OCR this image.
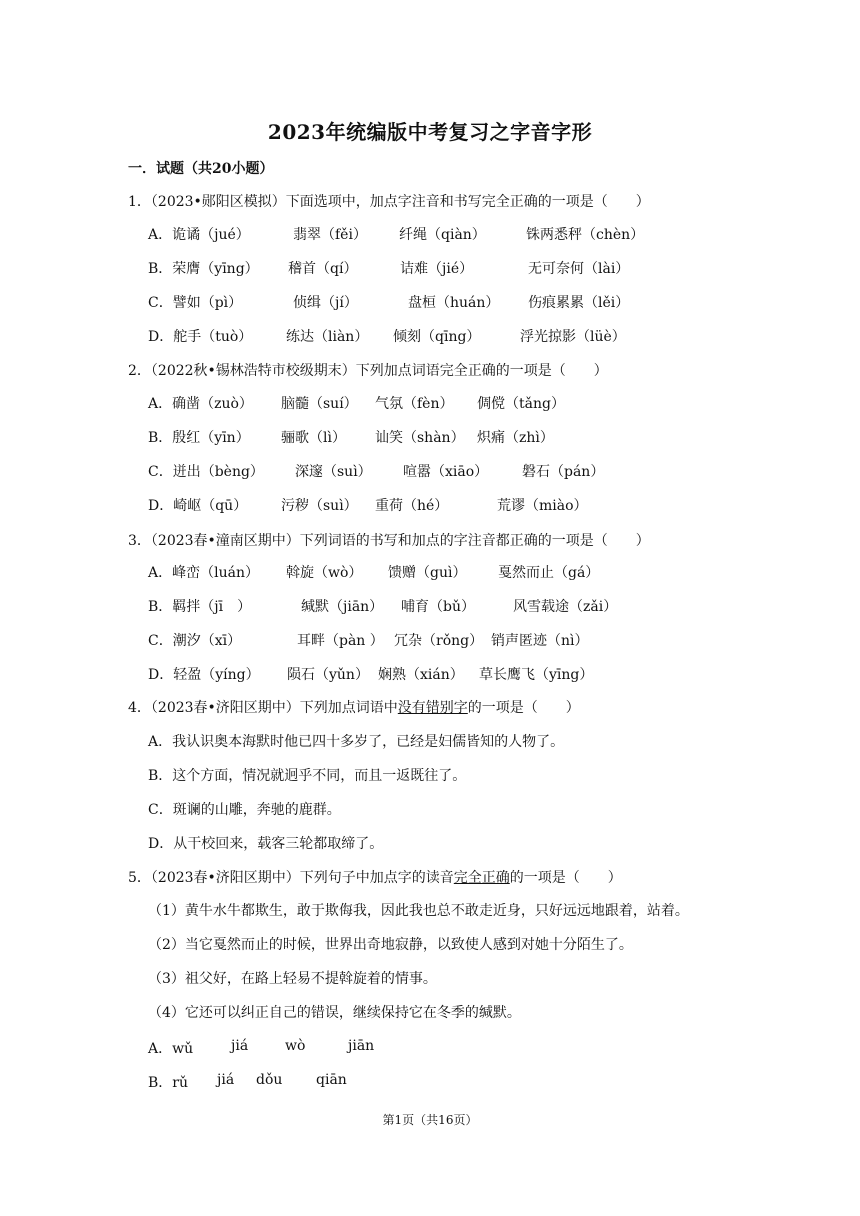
2023年统编版中考复习之字音字形
一．试题（共20小题）
1．（2023•郧阳区模拟）下面选项中，加点字注音和书写完全正确的一项是（　　）
A．诡谲（jué）	翡翠（fěi） 纤绳（qiàn）	铢两悉秤（chèn）
B．荣膺（yīng） 稽首（qí）	诘难（jié）	无可奈何（lài）
C．譬如（pì）	侦缉（jí）	盘桓（huán） 伤痕累累（lěi）
D．舵手（tuò） 练达（liàn） 倾刻（qīng）	浮光掠影（lüè）
2．（2022秋•锡林浩特市校级期末）下列加点词语完全正确的一项是（　　）
A．确凿（zuò） 脑髓（suí） 气氛（fèn） 倜傥（tǎng）
B．殷红（yīn） 骊歌（lì） 讪笑（shàn） 炽痛（zhì）
C．迸出（bèng） 深邃（suì） 喧嚣（xiāo） 磐石（pán）
D．崎岖（qū） 污秽（suì） 重荷（hé）	荒谬（miào）
3．（2023春•潼南区期中）下列词语的书写和加点的字注音都正确的一项是（　　）
A．峰峦（luán） 斡旋（wò） 馈赠（guì） 戛然而止（gá）
B．羁拌（jī　）	缄默（jiān） 哺育（bǔ）	风雪载途（zǎi）
C．潮汐（xī）	耳畔（pàn ） 冗杂（rǒng） 销声匿迹（nì）
D．轻盈（yíng） 陨石（yǔn） 娴熟（xián） 草长鹰飞（yīng）
4．（2023春•济阳区期中）下列加点词语中没有错别字的一项是（　　）
A．我认识奥本海默时他已四十多岁了，已经是妇儒皆知的人物了。
B．这个方面，情况就迥乎不同，而且一返既往了。
C．斑谰的山雕，奔驰的鹿群。
D．从干校回来，载客三轮都取缔了。
5．（2023春•济阳区期中）下列句子中加点字的读音完全正确的一项是（　　）
（1）黄牛水牛都欺生，敢于欺侮我，因此我也总不敢走近身，只好远远地跟着，站着。
（2）当它戛然而止的时候，世界出奇地寂静，以致使人感到对她十分陌生了。
（3）祖父好，在路上轻易不提斡旋着的情事。
（4）它还可以纠正自己的错误，继续保持它在冬季的缄默。
A．wǔ	jiá	wò	jiān
B．rǔ jiá dǒu qiān
第1页（共16页）
